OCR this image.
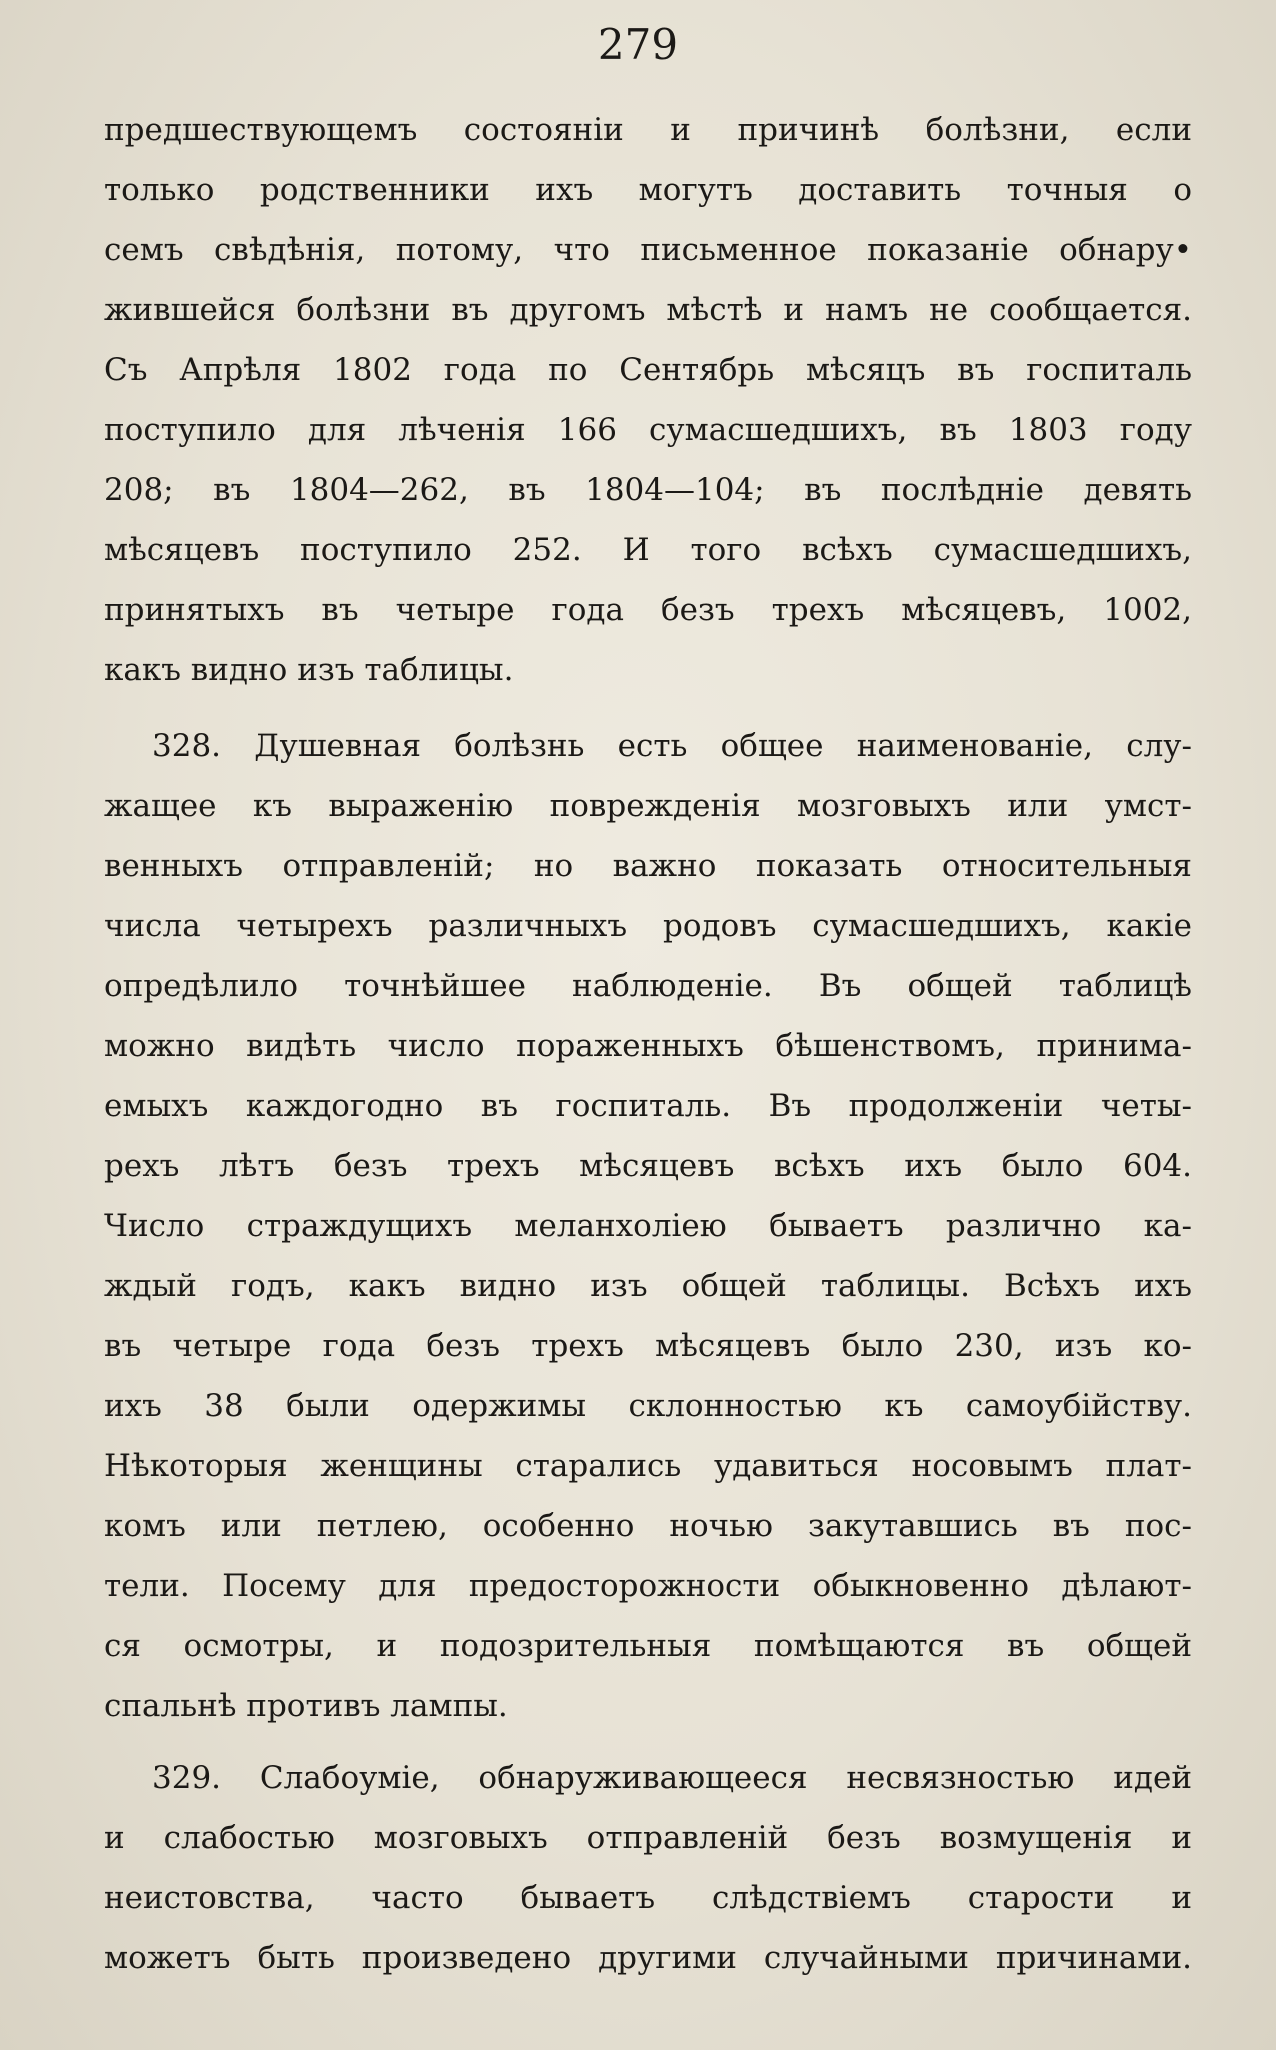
279
предшествующемъ состояніи и причинѣ болѣзни, если
только родственники ихъ могутъ доставить точныя о
семъ свѣдѣнія, потому, что письменное показаніе обнару•
жившейся болѣзни въ другомъ мѣстѣ и намъ не сообщается.
Съ Апрѣля 1802 года по Сентябрь мѣсяцъ въ госпиталь
поступило для лѣченія 166 сумасшедшихъ, въ 1803 году
208; въ 1804—262, въ 1804—104; въ послѣдніе девять
мѣсяцевъ поступило 252. И того всѣхъ сумасшедшихъ,
принятыхъ въ четыре года безъ трехъ мѣсяцевъ, 1002,
какъ видно изъ таблицы.
328. Душевная болѣзнь есть общее наименованіе, слу-
жащее къ выраженію поврежденія мозговыхъ или умст-
венныхъ отправленій; но важно показать относительныя
числа четырехъ различныхъ родовъ сумасшедшихъ, какіе
опредѣлило точнѣйшее наблюденіе. Въ общей таблицѣ
можно видѣть число пораженныхъ бѣшенствомъ, принима-
емыхъ каждогодно въ госпиталь. Въ продолженіи четы-
рехъ лѣтъ безъ трехъ мѣсяцевъ всѣхъ ихъ было 604.
Число страждущихъ меланхоліею бываетъ различно ка-
ждый годъ, какъ видно изъ общей таблицы. Всѣхъ ихъ
въ четыре года безъ трехъ мѣсяцевъ было 230, изъ ко-
ихъ 38 были одержимы склонностью къ самоубійству.
Нѣкоторыя женщины старались удавиться носовымъ плат-
комъ или петлею, особенно ночью закутавшись въ пос-
тели. Посему для предосторожности обыкновенно дѣлают-
ся осмотры, и подозрительныя помѣщаются въ общей
спальнѣ противъ лампы.
329. Слабоуміе, обнаруживающееся несвязностью идей
и слабостью мозговыхъ отправленій безъ возмущенія и
неистовства, часто бываетъ слѣдствіемъ старости и
можетъ быть произведено другими случайными причинами.
